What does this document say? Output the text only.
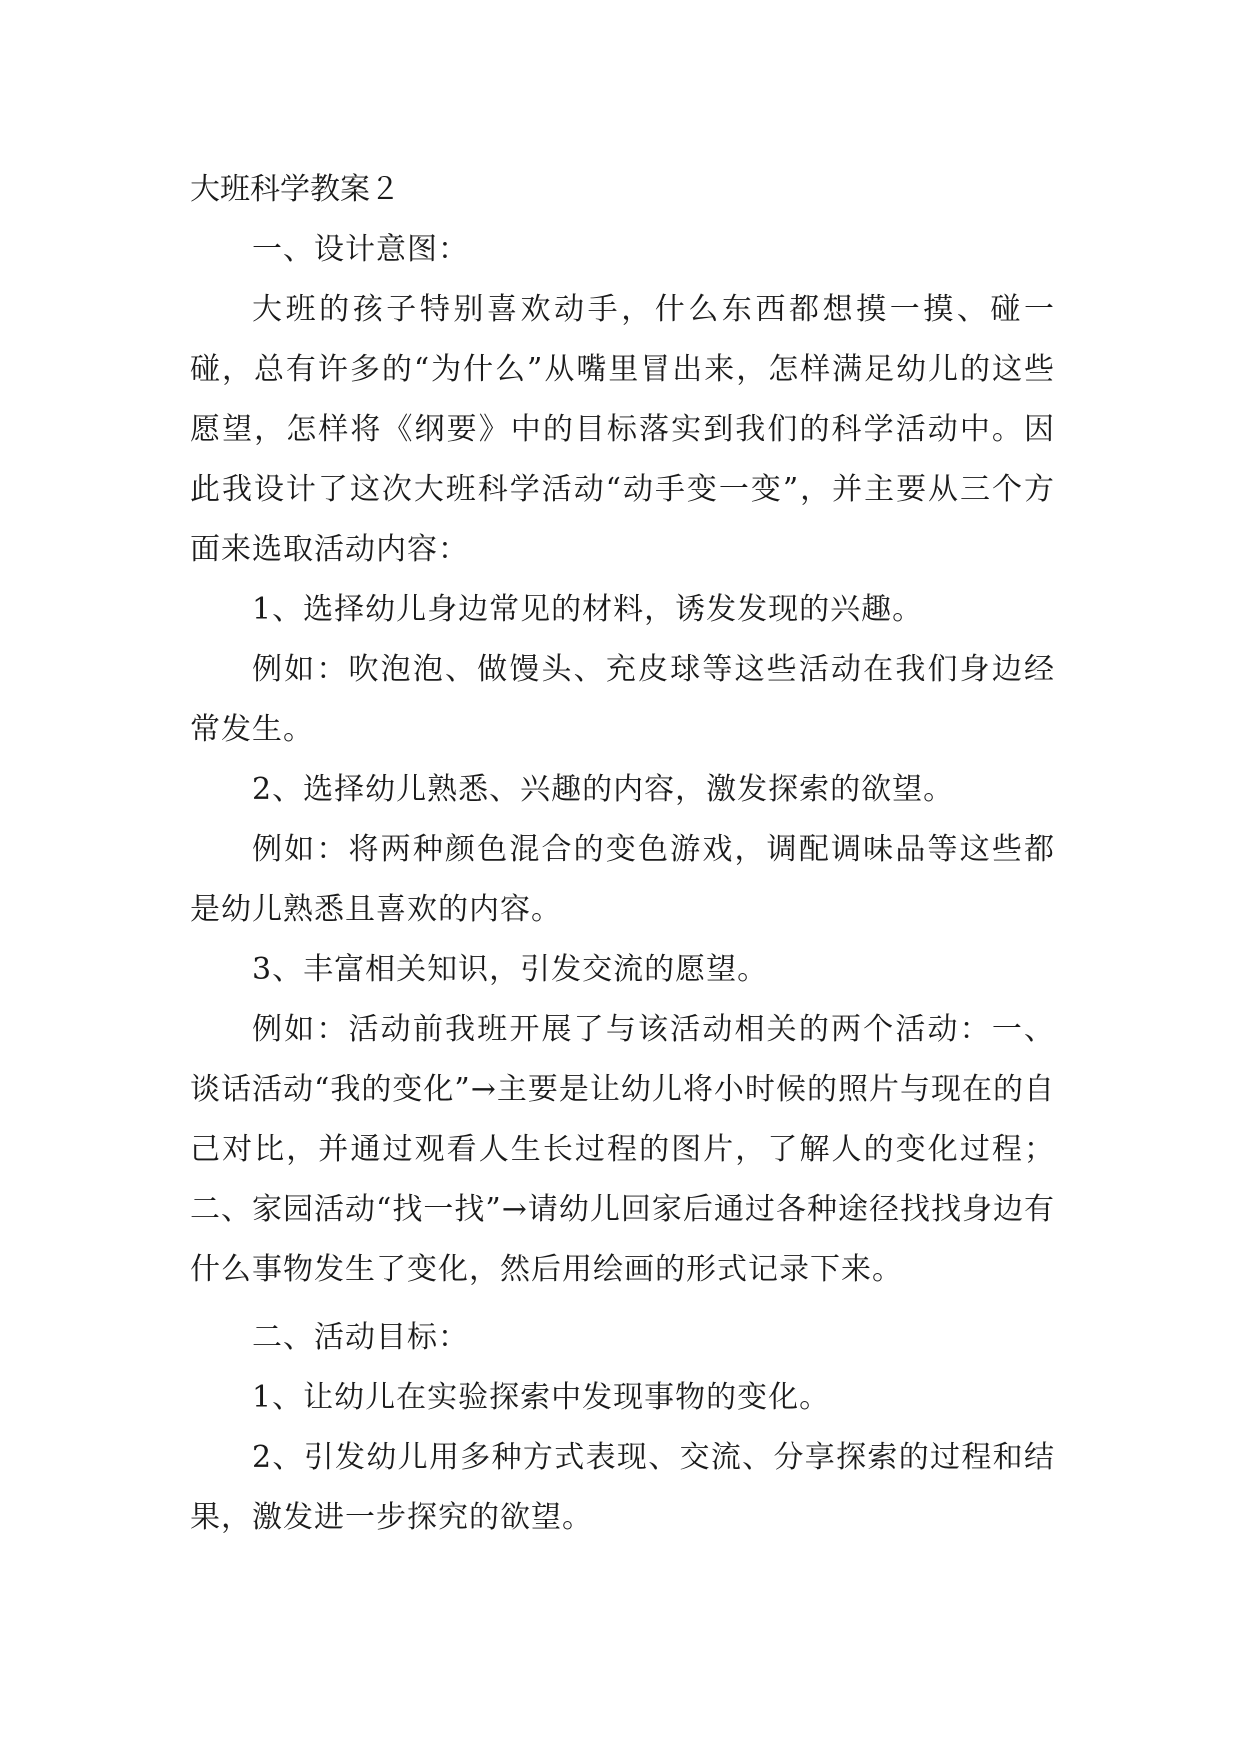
大班科学教案２

一、设计意图：

大班的孩子特别喜欢动手，什么东西都想摸一摸、碰一碰，总有许多的“为什么”从嘴里冒出来，怎样满足幼儿的这些愿望，怎样将《纲要》中的目标落实到我们的科学活动中。因此我设计了这次大班科学活动“动手变一变”，并主要从三个方面来选取活动内容：

1、选择幼儿身边常见的材料，诱发发现的兴趣。

例如：吹泡泡、做馒头、充皮球等这些活动在我们身边经常发生。

2、选择幼儿熟悉、兴趣的内容，激发探索的欲望。

例如：将两种颜色混合的变色游戏，调配调味品等这些都是幼儿熟悉且喜欢的内容。

3、丰富相关知识，引发交流的愿望。

例如：活动前我班开展了与该活动相关的两个活动：一、谈话活动“我的变化”→主要是让幼儿将小时候的照片与现在的自己对比，并通过观看人生长过程的图片，了解人的变化过程；二、家园活动“找一找”→请幼儿回家后通过各种途径找找身边有什么事物发生了变化，然后用绘画的形式记录下来。

二、活动目标：

1、让幼儿在实验探索中发现事物的变化。

2、引发幼儿用多种方式表现、交流、分享探索的过程和结果，激发进一步探究的欲望。
